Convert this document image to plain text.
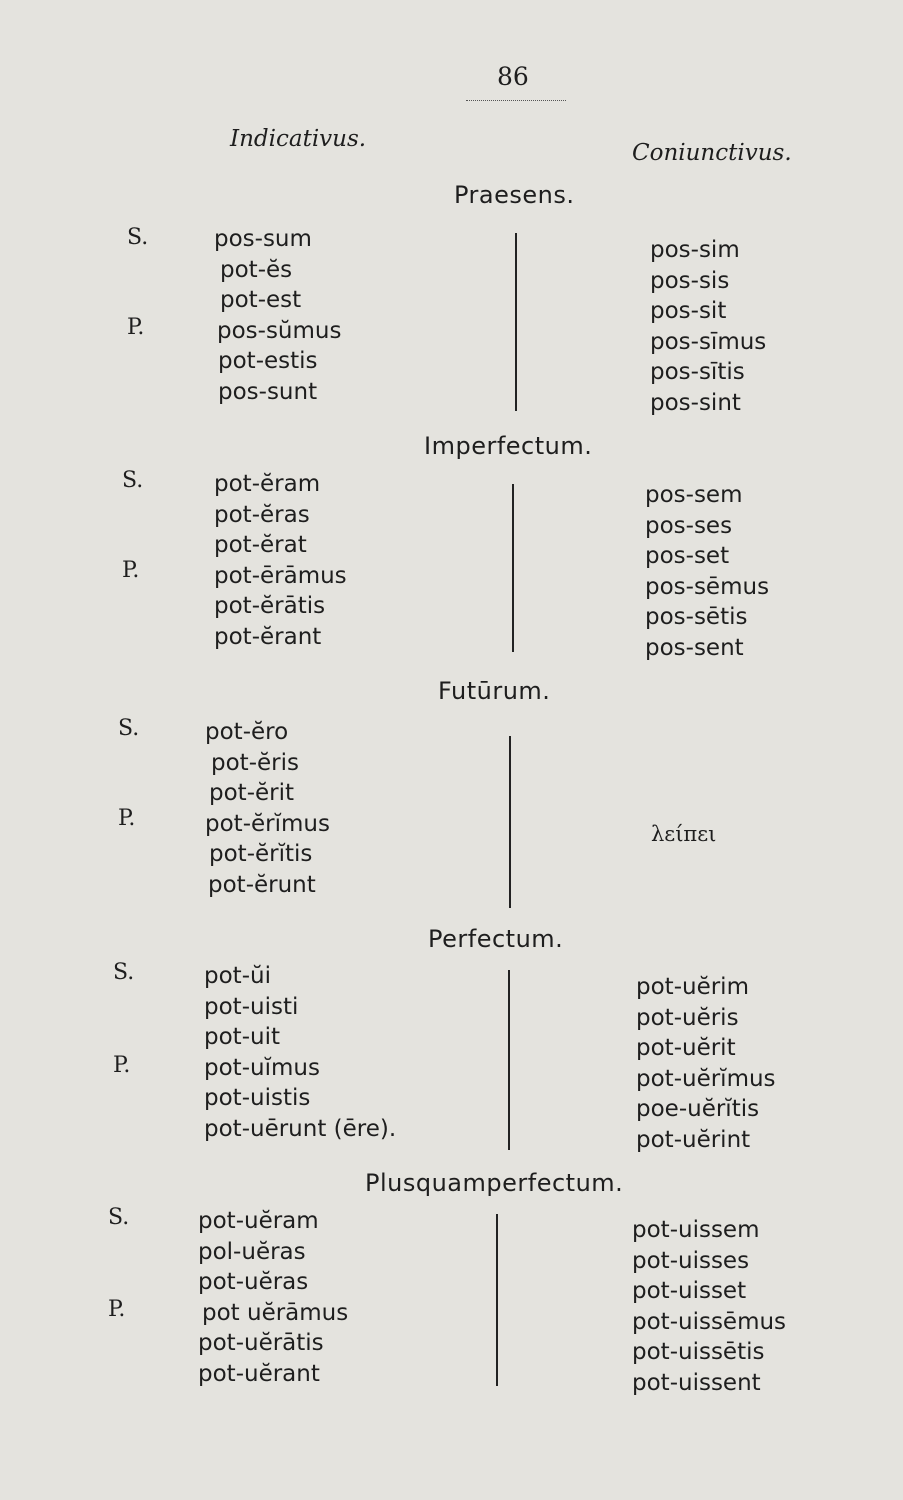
86
Indicativus.
Coniunctivus.
Praesens.
S.
P.
pos-sum
pot-ĕs
pot-est
pos-sŭmus
pot-estis
pos-sunt
pos-sim
pos-sis
pos-sit
pos-sīmus
pos-sītis
pos-sint
Imperfectum.
S.
P.
pot-ĕram
pot-ĕras
pot-ĕrat
pot-ērāmus
pot-ĕrātis
pot-ĕrant
pos-sem
pos-ses
pos-set
pos-sēmus
pos-sētis
pos-sent
Futūrum.
S.
P.
pot-ĕro
pot-ĕris
pot-ĕrit
pot-ĕrĭmus
pot-ĕrĭtis
pot-ĕrunt
λείπει
Perfectum.
S.
P.
pot-ŭi
pot-uisti
pot-uit
pot-uĭmus
pot-uistis
pot-uērunt (ēre).
pot-uĕrim
pot-uĕris
pot-uĕrit
pot-uĕrĭmus
poe-uĕrĭtis
pot-uĕrint
Plusquamperfectum.
S.
P.
pot-uĕram
pol-uĕras
pot-uĕras
pot uĕrāmus
pot-uĕrātis
pot-uĕrant
pot-uissem
pot-uisses
pot-uisset
pot-uissēmus
pot-uissētis
pot-uissent
